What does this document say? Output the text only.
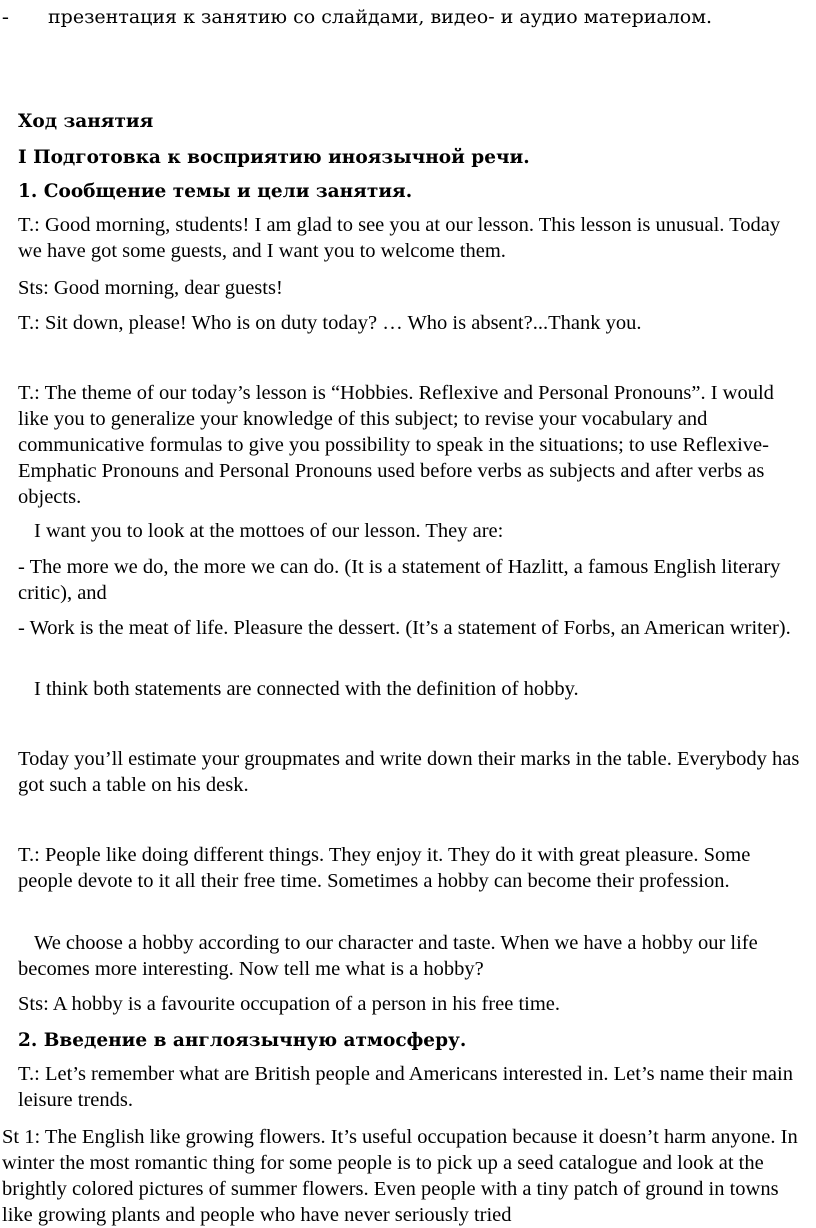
- презентация к занятию со слайдами, видео- и аудио материалом.

Ход занятия

I Подготовка к восприятию иноязычной речи.

1. Сообщение темы и цели занятия.

T.: Good morning, students! I am glad to see you at our lesson. This lesson is unusual. Today we have got some guests, and I want you to welcome them.

Sts: Good morning, dear guests!

T.: Sit down, please! Who is on duty today? … Who is absent?...Thank you.

T.: The theme of our today’s lesson is “Hobbies. Reflexive and Personal Pronouns”. I would like you to generalize your knowledge of this subject; to revise your vocabulary and communicative formulas to give you possibility to speak in the situations; to use Reflexive-Emphatic Pronouns and Personal Pronouns used before verbs as subjects and after verbs as objects.

I want you to look at the mottoes of our lesson. They are:

- The more we do, the more we can do. (It is a statement of Hazlitt, a famous English literary critic), and

- Work is the meat of life. Pleasure the dessert. (It’s a statement of Forbs, an American writer).

I think both statements are connected with the definition of hobby.

Today you’ll estimate your groupmates and write down their marks in the table. Everybody has got such a table on his desk.

T.: People like doing different things. They enjoy it. They do it with great pleasure. Some people devote to it all their free time. Sometimes a hobby can become their profession.

We choose a hobby according to our character and taste. When we have a hobby our life becomes more interesting. Now tell me what is a hobby?

Sts: A hobby is a favourite occupation of a person in his free time.

2. Введение в англоязычную атмосферу.

T.: Let’s remember what are British people and Americans interested in. Let’s name their main leisure trends.

St 1: The English like growing flowers. It’s useful occupation because it doesn’t harm anyone. In winter the most romantic thing for some people is to pick up a seed catalogue and look at the brightly colored pictures of summer flowers. Even people with a tiny patch of ground in towns like growing plants and people who have never seriously tried
